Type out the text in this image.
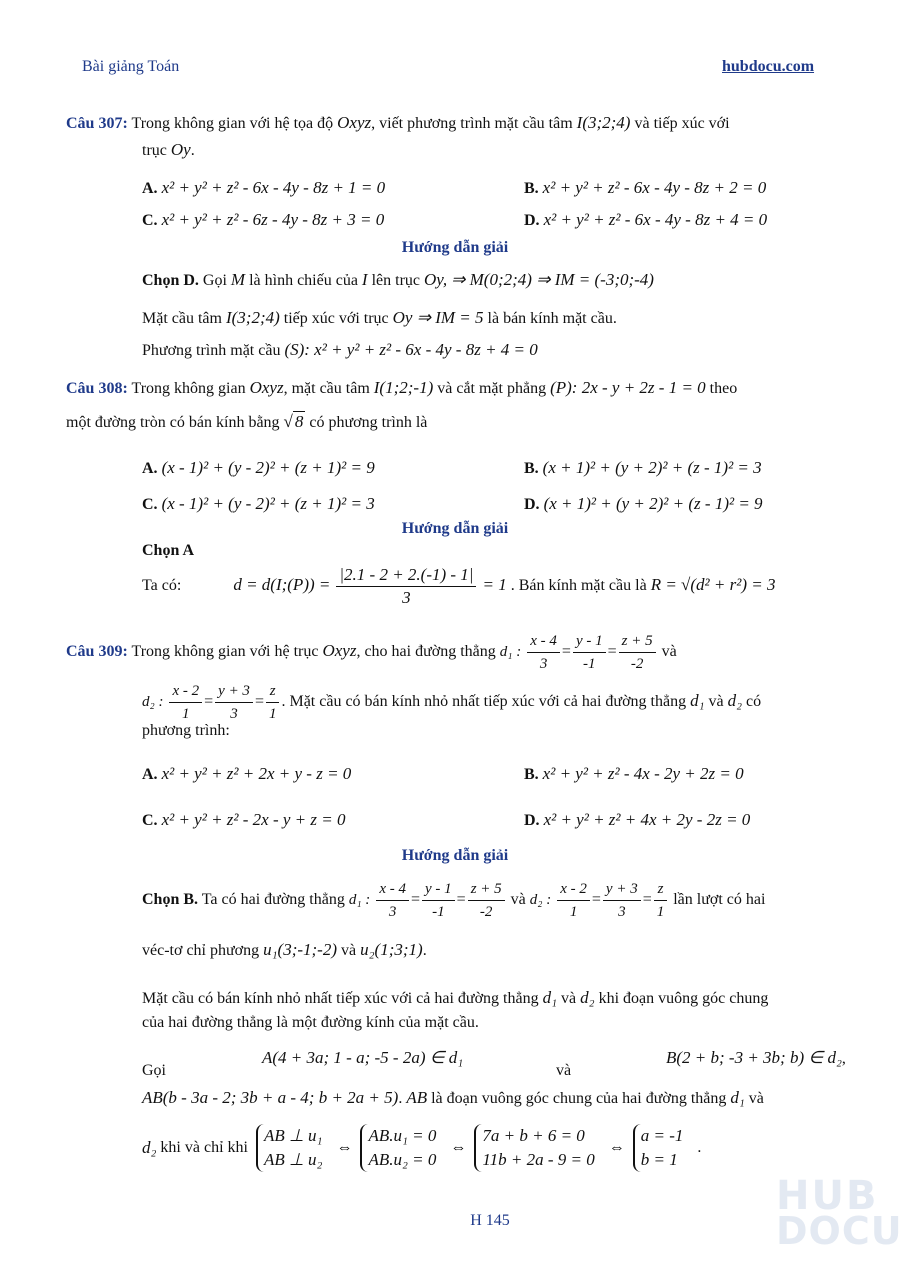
Bài giảng Toán	hubdocu.com
Câu 307: Trong không gian với hệ tọa độ Oxyz, viết phương trình mặt cầu tâm I(3;2;4) và tiếp xúc với
trục Oy.
A. x² + y² + z² - 6x - 4y - 8z + 1 = 0	B. x² + y² + z² - 6x - 4y - 8z + 2 = 0
C. x² + y² + z² - 6z - 4y - 8z + 3 = 0	D. x² + y² + z² - 6x - 4y - 8z + 4 = 0
Hướng dẫn giải
Chọn D. Gọi M là hình chiếu của I lên trục Oy, ⇒ M(0;2;4) ⇒ IM = (-3;0;-4)
Mặt cầu tâm I(3;2;4) tiếp xúc với trục Oy ⇒ IM = 5 là bán kính mặt cầu.
Phương trình mặt cầu (S): x² + y² + z² - 6x - 4y - 8z + 4 = 0
Câu 308: Trong không gian Oxyz, mặt cầu tâm I(1;2;-1) và cắt mặt phẳng (P): 2x - y + 2z - 1 = 0 theo
một đường tròn có bán kính bằng √ 8 có phương trình là
A. (x - 1)² + (y - 2)² + (z + 1)² = 9	B. (x + 1)² + (y + 2)² + (z - 1)² = 3
C. (x - 1)² + (y - 2)² + (z + 1)² = 3	D. (x + 1)² + (y + 2)² + (z - 1)² = 9
Hướng dẫn giải
Chọn A
Ta có:	d = d(I;(P)) = $\frac{|2.1 - 2 + 2.(-1) - 1|}{3} = 1$ . Bán kính mặt cầu là R = √(d² + r²) = 3
Câu 309: Trong không gian với hệ trục Oxyz, cho hai đường thẳng d₁ : $\frac{x - 4}{3} = \frac{y - 1}{-1} = \frac{z + 5}{-2}$ và
d₂ : $\frac{x - 2}{1} = \frac{y + 3}{3} = \frac{z}{1}$ . Mặt cầu có bán kính nhỏ nhất tiếp xúc với cả hai đường thẳng d₁ và d₂ có
phương trình:
A. x² + y² + z² + 2x + y - z = 0	B. x² + y² + z² - 4x - 2y + 2z = 0
C. x² + y² + z² - 2x - y + z = 0	D. x² + y² + z² + 4x + 2y - 2z = 0
Hướng dẫn giải
Chọn B. Ta có hai đường thẳng d₁ : $\frac{x - 4}{3} = \frac{y - 1}{-1} = \frac{z + 5}{-2}$ và d₂ : $\frac{x - 2}{1} = \frac{y + 3}{3} = \frac{z}{1}$ lần lượt có hai
véc-tơ chỉ phương u₁(3;-1;-2) và u₂(1;3;1).
Mặt cầu có bán kính nhỏ nhất tiếp xúc với cả hai đường thẳng d₁ và d₂ khi đoạn vuông góc chung
của hai đường thẳng là một đường kính của mặt cầu.
Gọi
A(4 + 3a; 1 - a; -5 - 2a) ∈ d₁
và
B(2 + b; -3 + 3b; b) ∈ d₂,
AB(b - 3a - 2; 3b + a - 4; b + 2a + 5). AB là đoạn vuông góc chung của hai đường thẳng d₁ và
d₂ khi và chỉ khi
AB ⊥ u₁
AB ⊥ u₂
⇔
AB.u₁ = 0
AB.u₂ = 0
⇔
7a + b + 6 = 0
11b + 2a - 9 = 0
⇔
a = -1
b = 1
.
H 145
HUB
DOCU
